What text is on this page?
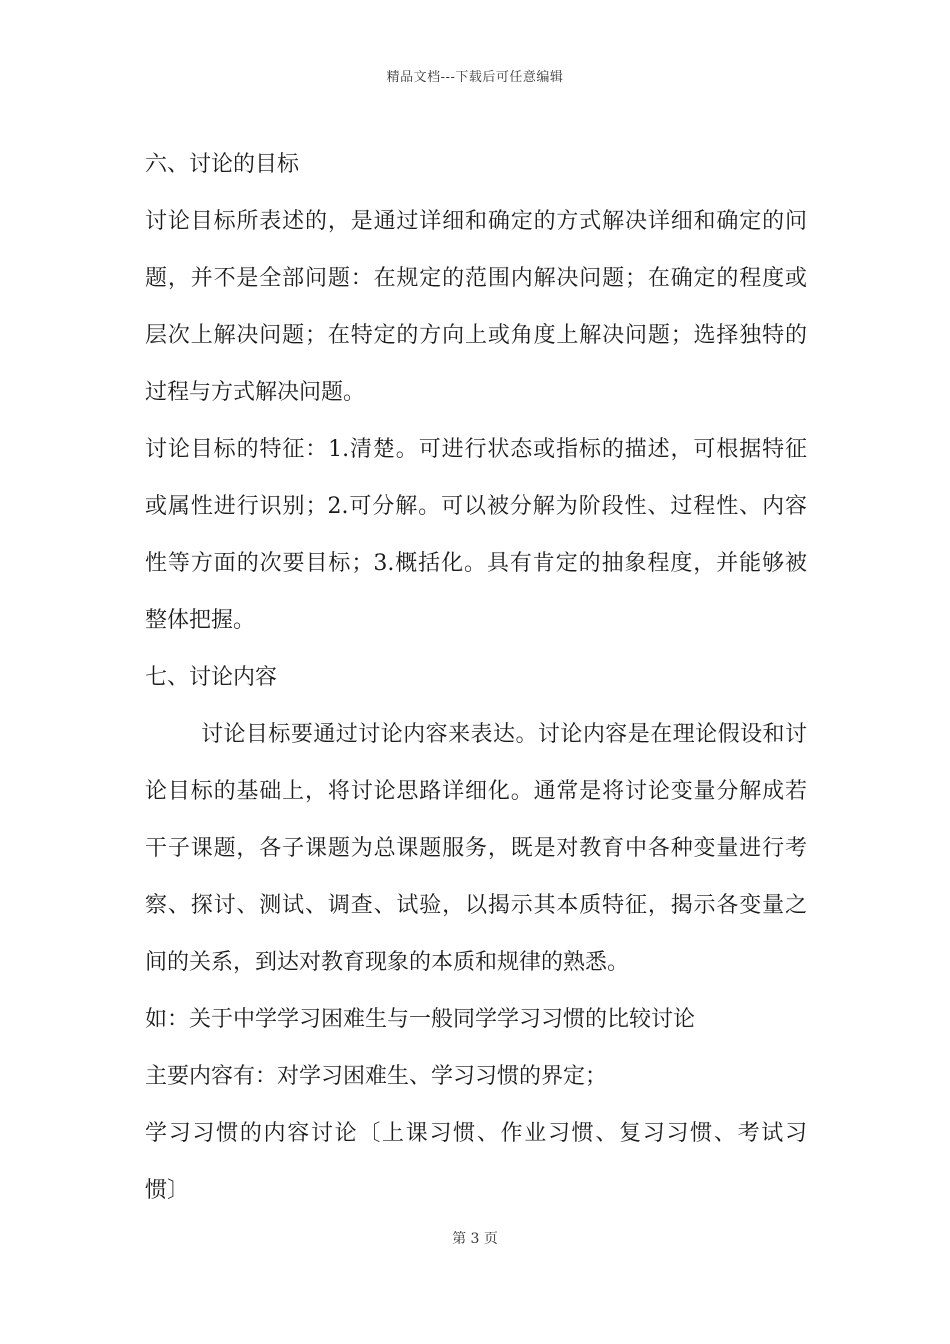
精品文档---下载后可任意编辑
六、讨论的目标
讨论目标所表述的，是通过详细和确定的方式解决详细和确定的问
题，并不是全部问题：在规定的范围内解决问题；在确定的程度或
层次上解决问题；在特定的方向上或角度上解决问题；选择独特的
过程与方式解决问题。
讨论目标的特征：1.清楚。可进行状态或指标的描述，可根据特征
或属性进行识别；2.可分解。可以被分解为阶段性、过程性、内容
性等方面的次要目标；3.概括化。具有肯定的抽象程度，并能够被
整体把握。
七、讨论内容
讨论目标要通过讨论内容来表达。讨论内容是在理论假设和讨
论目标的基础上，将讨论思路详细化。通常是将讨论变量分解成若
干子课题，各子课题为总课题服务，既是对教育中各种变量进行考
察、探讨、测试、调查、试验，以揭示其本质特征，揭示各变量之
间的关系，到达对教育现象的本质和规律的熟悉。
如：关于中学学习困难生与一般同学学习习惯的比较讨论
主要内容有：对学习困难生、学习习惯的界定；
学习习惯的内容讨论〔上课习惯、作业习惯、复习习惯、考试习
惯〕
第 3 页
